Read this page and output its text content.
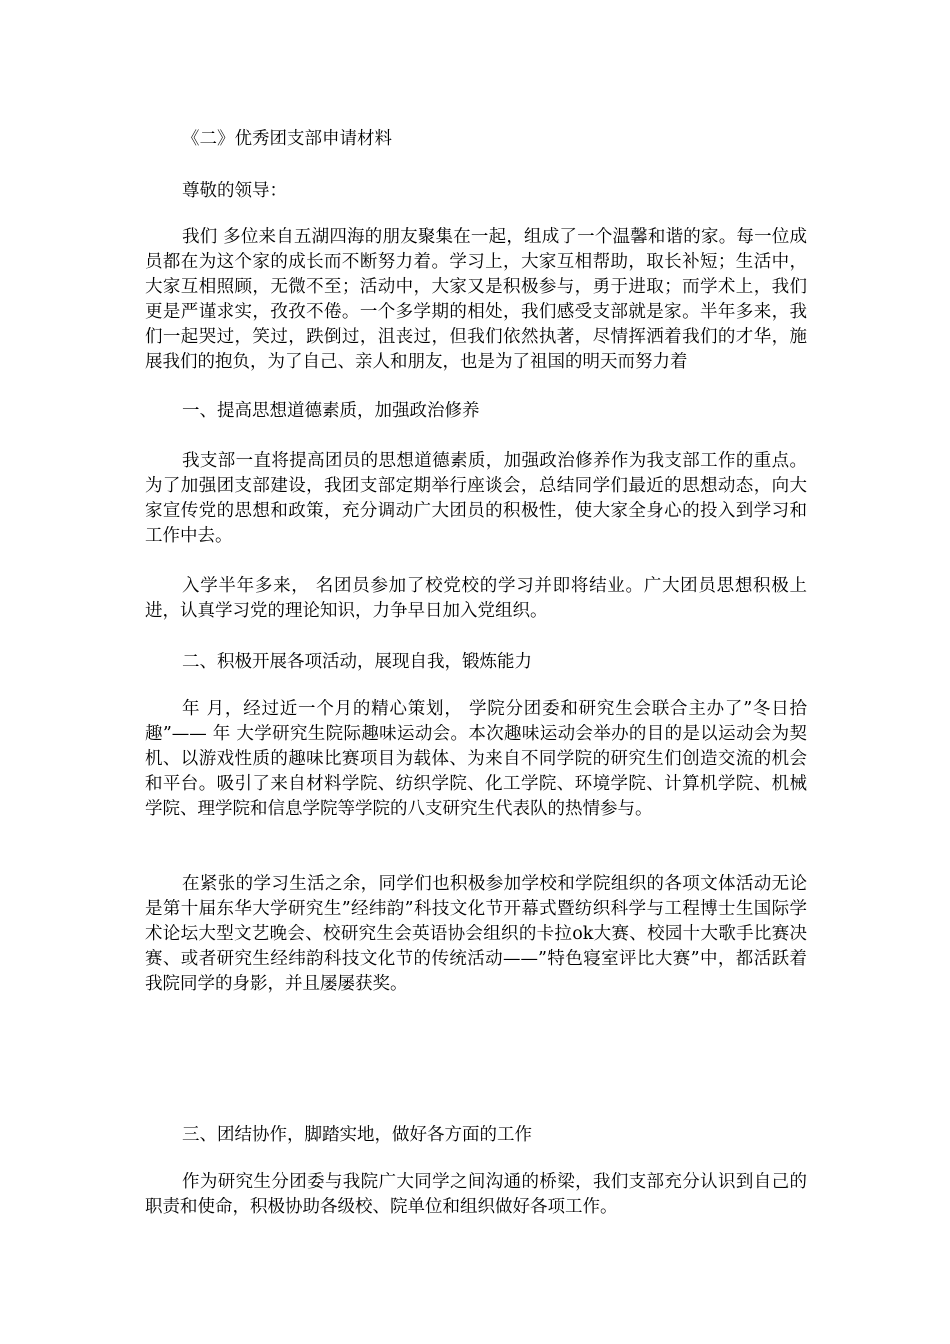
《二》优秀团支部申请材料

尊敬的领导：

我们 多位来自五湖四海的朋友聚集在一起，组成了一个温馨和谐的家。每一位成员都在为这个家的成长而不断努力着。学习上，大家互相帮助，取长补短；生活中，大家互相照顾，无微不至；活动中，大家又是积极参与，勇于进取；而学术上，我们更是严谨求实，孜孜不倦。一个多学期的相处，我们感受支部就是家。半年多来，我们一起哭过，笑过，跌倒过，沮丧过，但我们依然执著，尽情挥洒着我们的才华，施展我们的抱负，为了自己、亲人和朋友，也是为了祖国的明天而努力着

一、提高思想道德素质，加强政治修养

我支部一直将提高团员的思想道德素质，加强政治修养作为我支部工作的重点。为了加强团支部建设，我团支部定期举行座谈会，总结同学们最近的思想动态，向大家宣传党的思想和政策，充分调动广大团员的积极性，使大家全身心的投入到学习和工作中去。

入学半年多来， 名团员参加了校党校的学习并即将结业。广大团员思想积极上进，认真学习党的理论知识，力争早日加入党组织。

二、积极开展各项活动，展现自我，锻炼能力

年 月，经过近一个月的精心策划， 学院分团委和研究生会联合主办了”冬日拾趣”—— 年 大学研究生院际趣味运动会。本次趣味运动会举办的目的是以运动会为契机、以游戏性质的趣味比赛项目为载体、为来自不同学院的研究生们创造交流的机会和平台。吸引了来自材料学院、纺织学院、化工学院、环境学院、计算机学院、机械学院、理学院和信息学院等学院的八支研究生代表队的热情参与。

在紧张的学习生活之余，同学们也积极参加学校和学院组织的各项文体活动无论是第十届东华大学研究生”经纬韵”科技文化节开幕式暨纺织科学与工程博士生国际学术论坛大型文艺晚会、校研究生会英语协会组织的卡拉ok大赛、校园十大歌手比赛决赛、或者研究生经纬韵科技文化节的传统活动——”特色寝室评比大赛”中，都活跃着我院同学的身影，并且屡屡获奖。

三、团结协作，脚踏实地，做好各方面的工作

作为研究生分团委与我院广大同学之间沟通的桥梁，我们支部充分认识到自己的职责和使命，积极协助各级校、院单位和组织做好各项工作。
